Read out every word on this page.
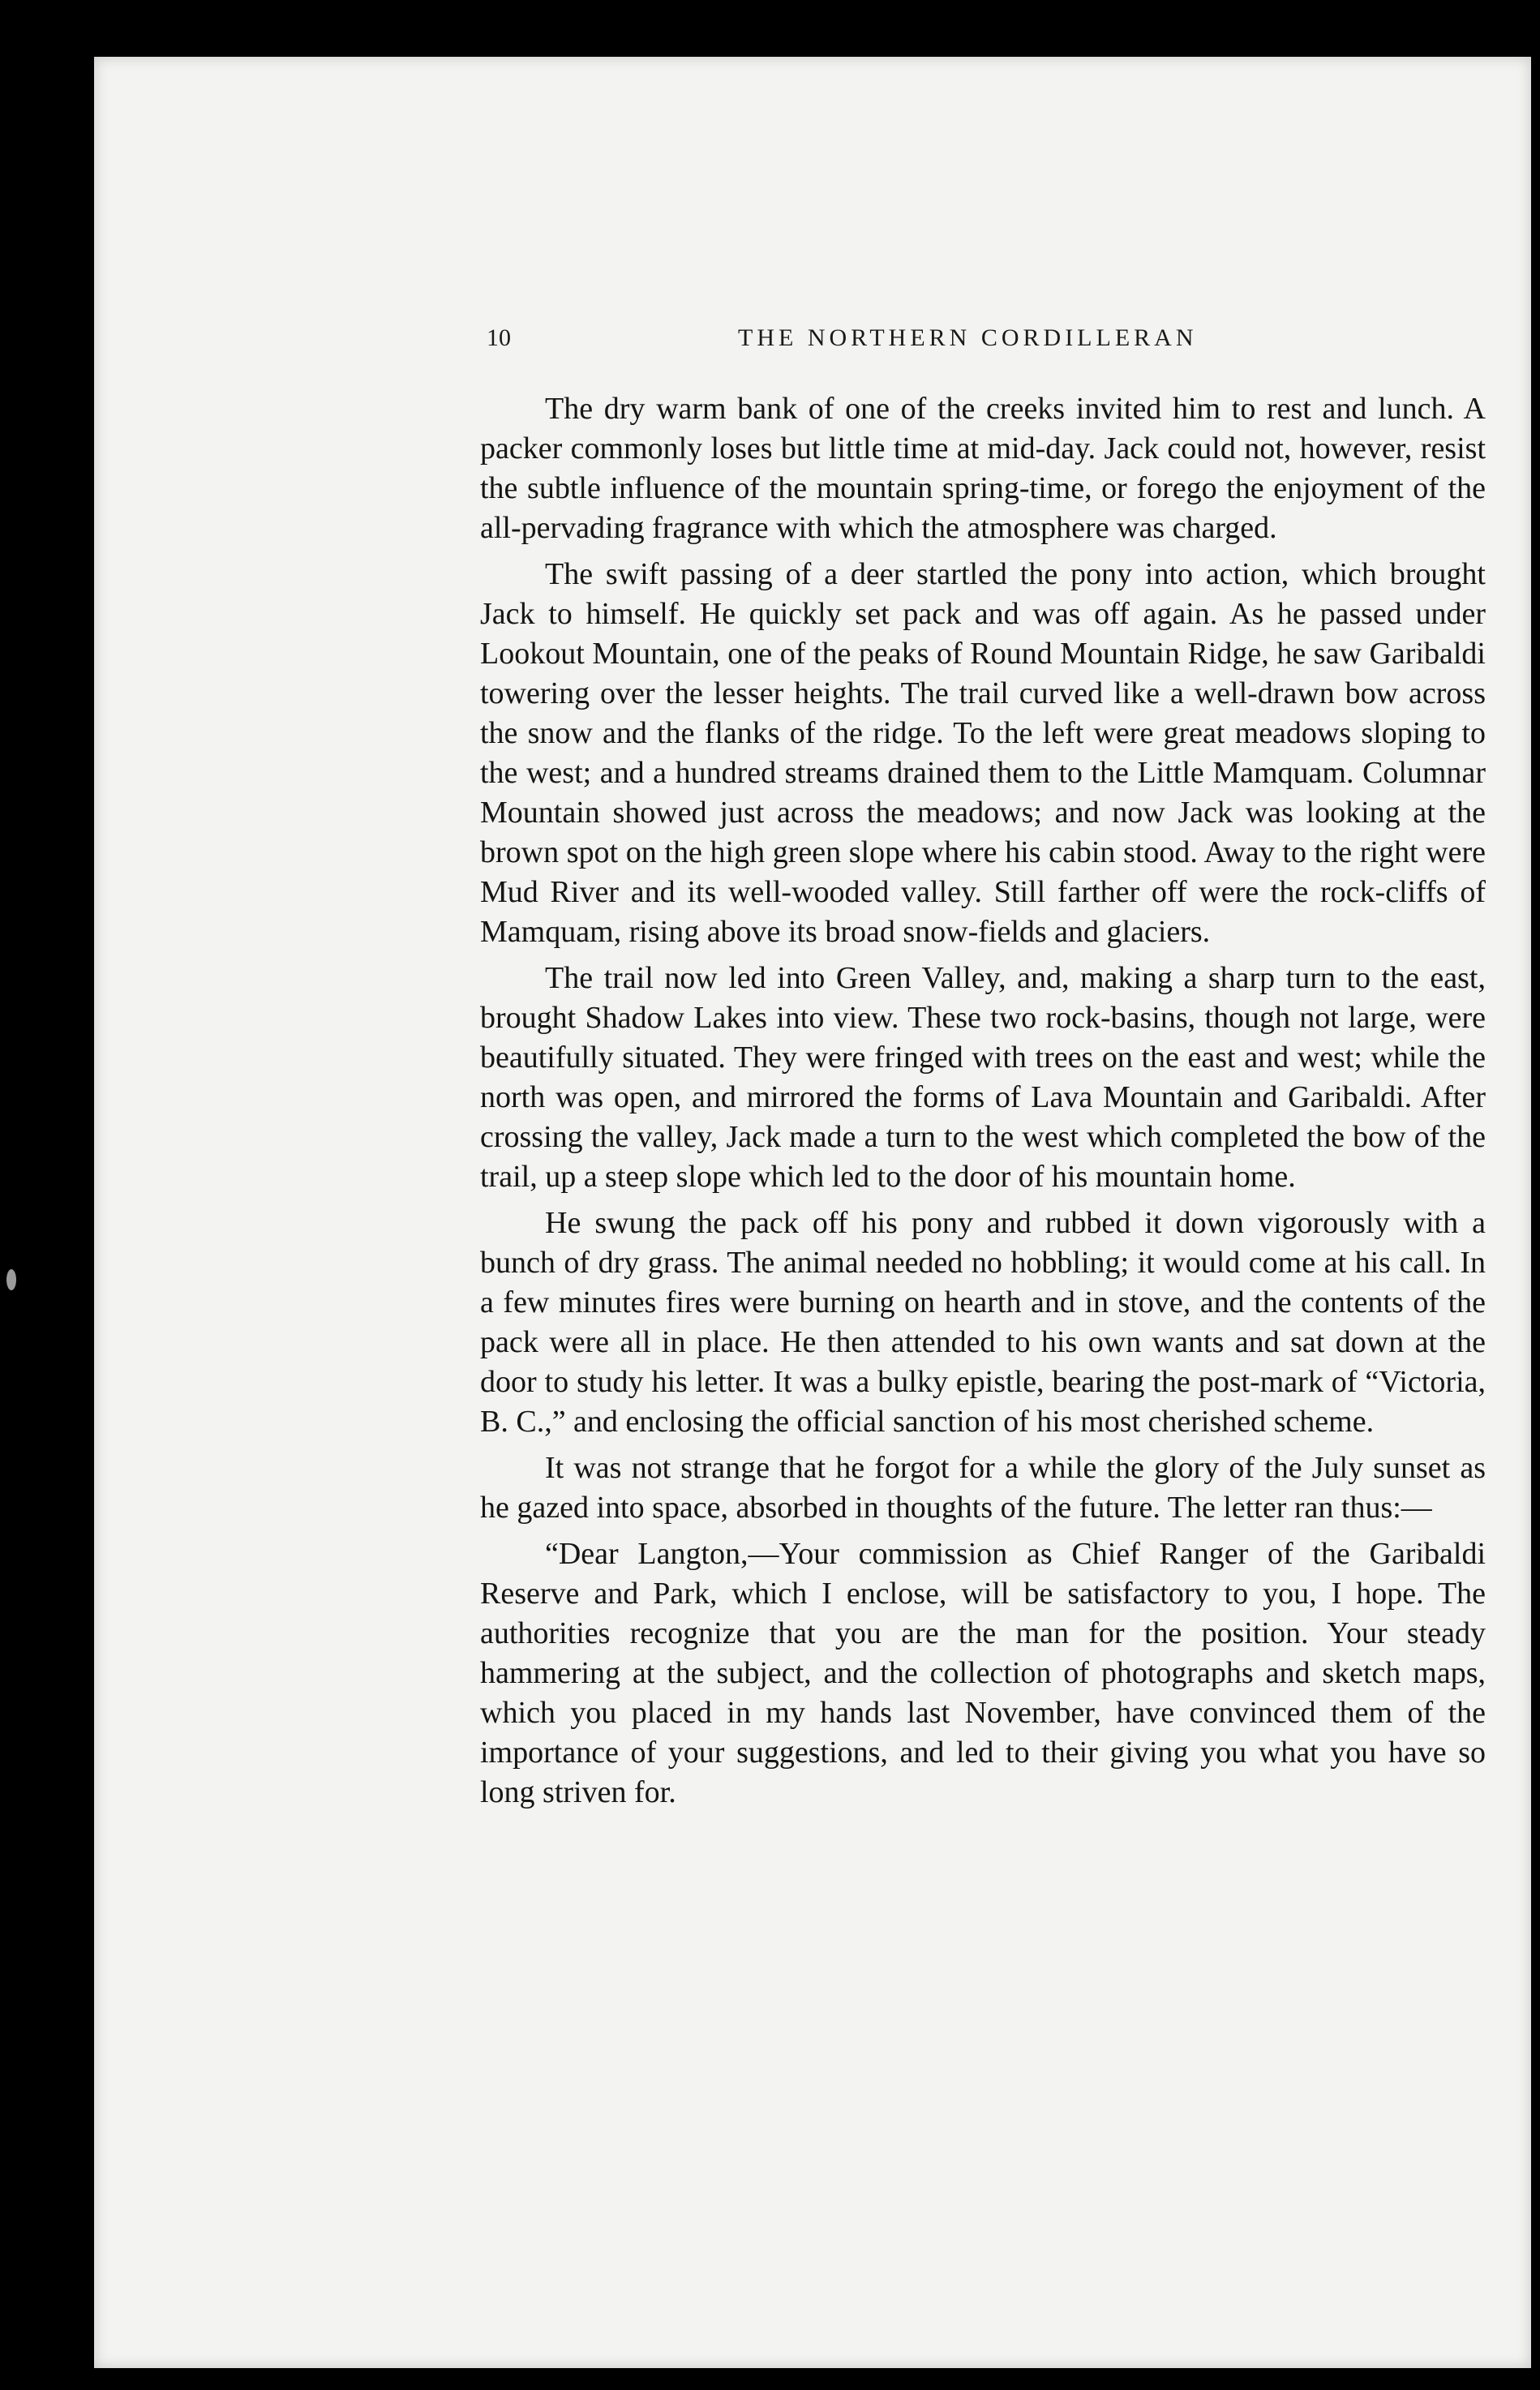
10	THE NORTHERN CORDILLERAN

The dry warm bank of one of the creeks invited him to rest and lunch. A packer commonly loses but little time at mid-day. Jack could not, however, resist the subtle influence of the mountain spring-time, or forego the enjoyment of the all-pervading fragrance with which the atmosphere was charged.

The swift passing of a deer startled the pony into action, which brought Jack to himself. He quickly set pack and was off again. As he passed under Lookout Mountain, one of the peaks of Round Mountain Ridge, he saw Garibaldi towering over the lesser heights. The trail curved like a well-drawn bow across the snow and the flanks of the ridge. To the left were great meadows sloping to the west; and a hundred streams drained them to the Little Mamquam. Columnar Mountain showed just across the meadows; and now Jack was looking at the brown spot on the high green slope where his cabin stood. Away to the right were Mud River and its well-wooded valley. Still farther off were the rock-cliffs of Mamquam, rising above its broad snow-fields and glaciers.

The trail now led into Green Valley, and, making a sharp turn to the east, brought Shadow Lakes into view. These two rock-basins, though not large, were beautifully situated. They were fringed with trees on the east and west; while the north was open, and mirrored the forms of Lava Mountain and Garibaldi. After crossing the valley, Jack made a turn to the west which completed the bow of the trail, up a steep slope which led to the door of his mountain home.

He swung the pack off his pony and rubbed it down vigorously with a bunch of dry grass. The animal needed no hobbling; it would come at his call. In a few minutes fires were burning on hearth and in stove, and the contents of the pack were all in place. He then attended to his own wants and sat down at the door to study his letter. It was a bulky epistle, bearing the post-mark of “Victoria, B. C.,” and enclosing the official sanction of his most cherished scheme.

It was not strange that he forgot for a while the glory of the July sunset as he gazed into space, absorbed in thoughts of the future. The letter ran thus:—

“Dear Langton,—Your commission as Chief Ranger of the Garibaldi Reserve and Park, which I enclose, will be satisfactory to you, I hope. The authorities recognize that you are the man for the position. Your steady hammering at the subject, and the collection of photographs and sketch maps, which you placed in my hands last November, have convinced them of the importance of your suggestions, and led to their giving you what you have so long striven for.
